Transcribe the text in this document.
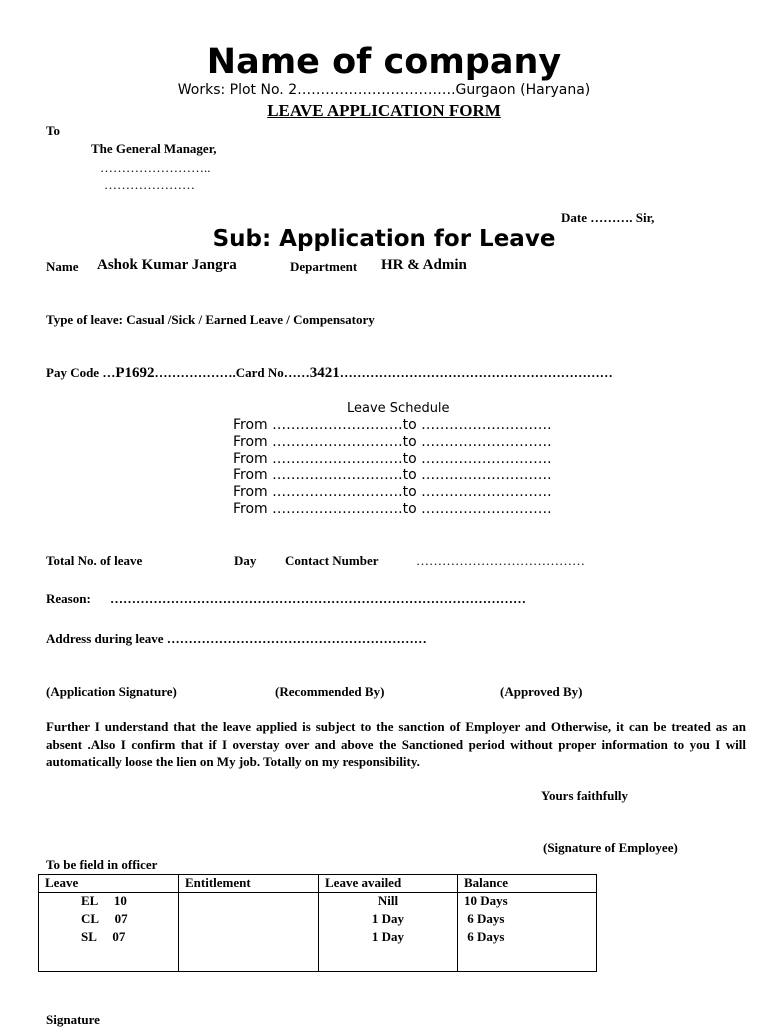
Name of company
Works: Plot No. 2…………………………….Gurgaon (Haryana)
LEAVE APPLICATION FORM
To
The General Manager,
……………………..
…………………
Date ………. Sir,
Sub: Application for Leave
Name Ashok Kumar Jangra	Department HR & Admin
Type of leave: Casual /Sick / Earned Leave / Compensatory
Pay Code …P1692……………….Card No……3421………………………………………………………
Leave Schedule
From ……………………….to ……………………….
From ……………………….to ……………………….
From ……………………….to ……………………….
From ……………………….to ……………………….
From ……………………….to ……………………….
From ……………………….to ……………………….
Total No. of leave	Day Contact Number	…………………………………
Reason: ……………………………………………………………………………………
Address during leave ……………………………………………………
(Application Signature)	(Recommended By)	(Approved By)
Further I understand that the leave applied is subject to the sanction of Employer and Otherwise, it can be treated as an absent .Also I confirm that if I overstay over and above the Sanctioned period without proper information to you I will automatically loose the lien on My job. Totally on my responsibility.
Yours faithfully
(Signature of Employee)
To be field in officer
Leave	Entitlement	Leave availed	Balance
EL     10		Nill	10 Days
CL     07		1 Day	6 Days
SL     07		1 Day	6 Days

Signature
